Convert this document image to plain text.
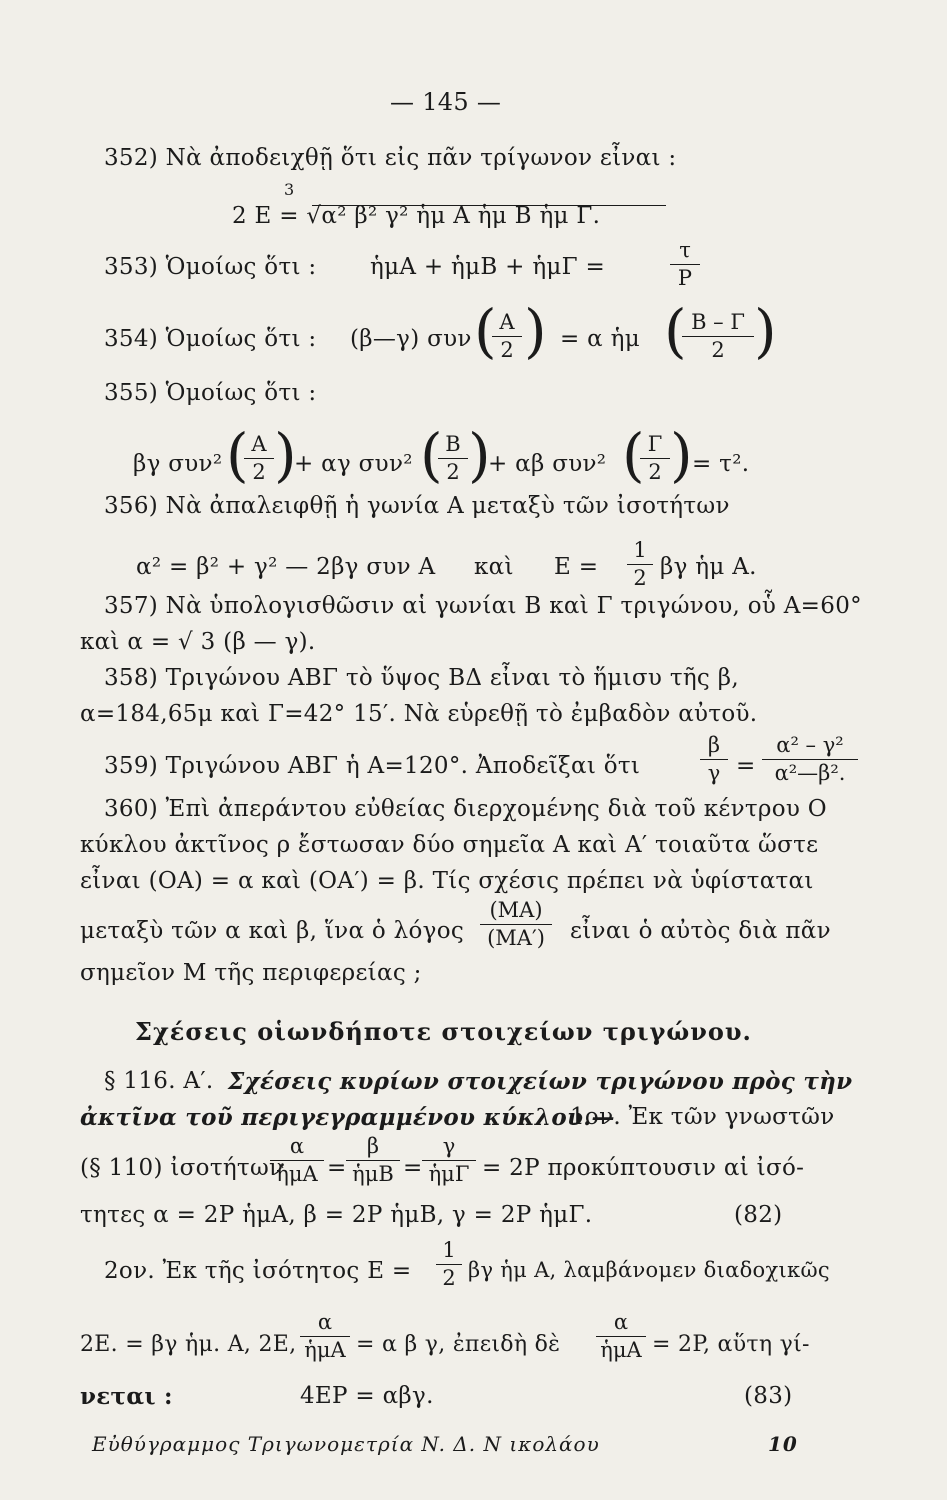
— 145 —
352) Νὰ ἀποδειχθῇ ὅτι εἰς πᾶν τρίγωνον εἶναι :
3
2 E = √α² β² γ² ἡμ A ἡμ B ἡμ Γ.
353) Ὁμοίως ὅτι : ἡμA + ἡμB + ἡμΓ =
τ
P
354) Ὁμοίως ὅτι : (β—γ) συν ( A
2 ) = α ἡμ ( B – Γ
2 )
355) Ὁμοίως ὅτι :
βγ συν² ( A
2 )
+ αγ συν² ( B
2 )
+ αβ συν² ( Γ
2 ) = τ².
356) Νὰ ἀπαλειφθῇ ἡ γωνία A μεταξὺ τῶν ἰσοτήτων
α² = β² + γ² — 2βγ συν A καὶ E =
1
2 βγ ἡμ A.
357) Νὰ ὑπολογισθῶσιν αἱ γωνίαι B καὶ Γ τριγώνου, οὗ A=60°
καὶ α = √ 3 (β — γ).
358) Τριγώνου ABΓ τὸ ὕψος BΔ εἶναι τὸ ἥμισυ τῆς β,
α=184,65μ καὶ Γ=42° 15′. Νὰ εὑρεθῇ τὸ ἐμβαδὸν αὐτοῦ.
359) Τριγώνου ABΓ ἡ A=120°. Ἀποδεῖξαι ὅτι
β
γ =
α² – γ²
α²—β².
360) Ἐπὶ ἀπεράντου εὐθείας διερχομένης διὰ τοῦ κέντρου O
κύκλου ἀκτῖνος ρ ἔστωσαν δύο σημεῖα A καὶ A′ τοιαῦτα ὥστε
εἶναι (OA) = α καὶ (OA′) = β. Τίς σχέσις πρέπει νὰ ὑφίσταται
μεταξὺ τῶν α καὶ β, ἵνα ὁ λόγος
(MA)
(MA′)	εἶναι ὁ αὐτὸς διὰ πᾶν
σημεῖον M τῆς περιφερείας ;
Σχέσεις οἱωνδήποτε στοιχείων τριγώνου.
§ 116. A′. Σχέσεις κυρίων στοιχείων τριγώνου πρὸς τὴν
ἀκτῖνα τοῦ περιγεγραμμένου κύκλου.—
1ον. Ἐκ τῶν γνωστῶν
(§ 110) ἰσοτήτων
α
ἡμA =
β
ἡμB =
γ
ἡμΓ = 2P προκύπτουσιν αἱ ἰσό-
τητες α = 2P ἡμA, β = 2P ἡμB, γ = 2P ἡμΓ.	(82)
2ον. Ἐκ τῆς ἰσότητος E =
1
2 βγ ἡμ A, λαμβάνομεν διαδοχικῶς
2E. = βγ ἡμ. A, 2E,
α
ἡμA = α β γ, ἐπειδὴ δὲ
α
ἡμA = 2P, αὕτη γί-
νεται :	4EP = αβγ.	(83)
Εὐθύγραμμος Τριγωνομετρία N. Δ. N ικολάου	10
